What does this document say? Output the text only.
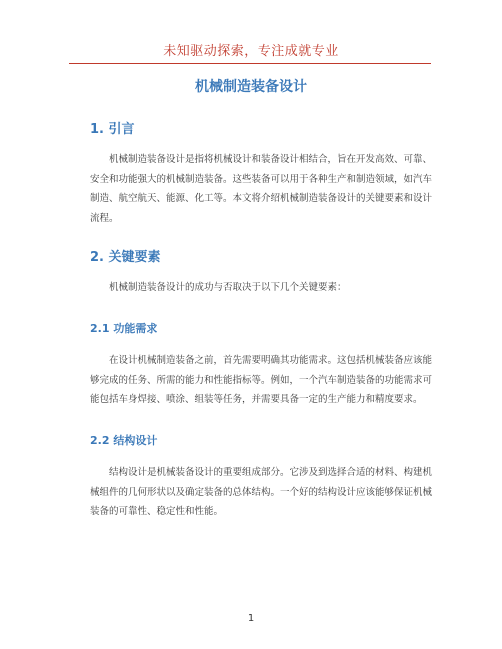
未知驱动探索，专注成就专业
机械制造装备设计
1. 引言
机械制造装备设计是指将机械设计和装备设计相结合，旨在开发高效、可靠、安全和功能强大的机械制造装备。这些装备可以用于各种生产和制造领域，如汽车制造、航空航天、能源、化工等。本文将介绍机械制造装备设计的关键要素和设计流程。
2. 关键要素
机械制造装备设计的成功与否取决于以下几个关键要素：
2.1 功能需求
在设计机械制造装备之前，首先需要明确其功能需求。这包括机械装备应该能够完成的任务、所需的能力和性能指标等。例如，一个汽车制造装备的功能需求可能包括车身焊接、喷涂、组装等任务，并需要具备一定的生产能力和精度要求。
2.2 结构设计
结构设计是机械装备设计的重要组成部分。它涉及到选择合适的材料、构建机械组件的几何形状以及确定装备的总体结构。一个好的结构设计应该能够保证机械装备的可靠性、稳定性和性能。
1
